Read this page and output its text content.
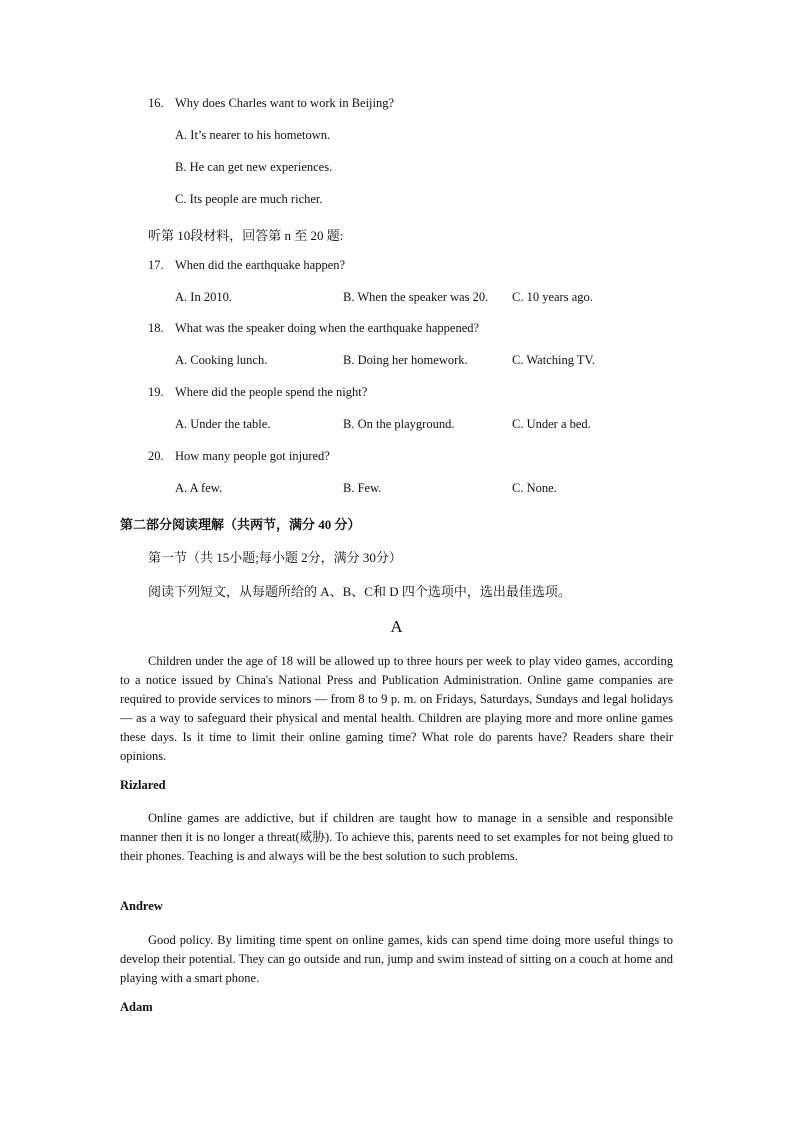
16. Why does Charles want to work in Beijing?
A. It’s nearer to his hometown.
B. He can get new experiences.
C. Its people are much richer.
听第 10段材料，回答第 n 至 20 题:
17. When did the earthquake happen?
A. In 2010.	B. When the speaker was 20. C. 10 years ago.
18. What was the speaker doing when the earthquake happened?
A. Cooking lunch.	B. Doing her homework.	C. Watching TV.
19. Where did the people spend the night?
A. Under the table.	B. On the playground.	C. Under a bed.
20. How many people got injured?
A. A few.	B. Few.	C. None.
第二部分阅读理解（共两节，满分 40 分）
第一节（共 15小题;每小题 2分，满分 30分）
阅读下列短文，从每题所给的 A、B、C和 D 四个选项中，选出最佳选项。
A
Children under the age of 18 will be allowed up to three hours per week to play video games, according to a notice issued by China's National Press and Publication Administration. Online game companies are required to provide services to minors — from 8 to 9 p. m. on Fridays, Saturdays, Sundays and legal holidays — as a way to safeguard their physical and mental health. Children are playing more and more online games these days. Is it time to limit their online gaming time? What role do parents have? Readers share their opinions.
Rizlared
Online games are addictive, but if children are taught how to manage in a sensible and responsible manner then it is no longer a threat(威胁). To achieve this, parents need to set examples for not being glued to their phones. Teaching is and always will be the best solution to such problems.
Andrew
Good policy. By limiting time spent on online games, kids can spend time doing more useful things to develop their potential. They can go outside and run, jump and swim instead of sitting on a couch at home and playing with a smart phone.
Adam
